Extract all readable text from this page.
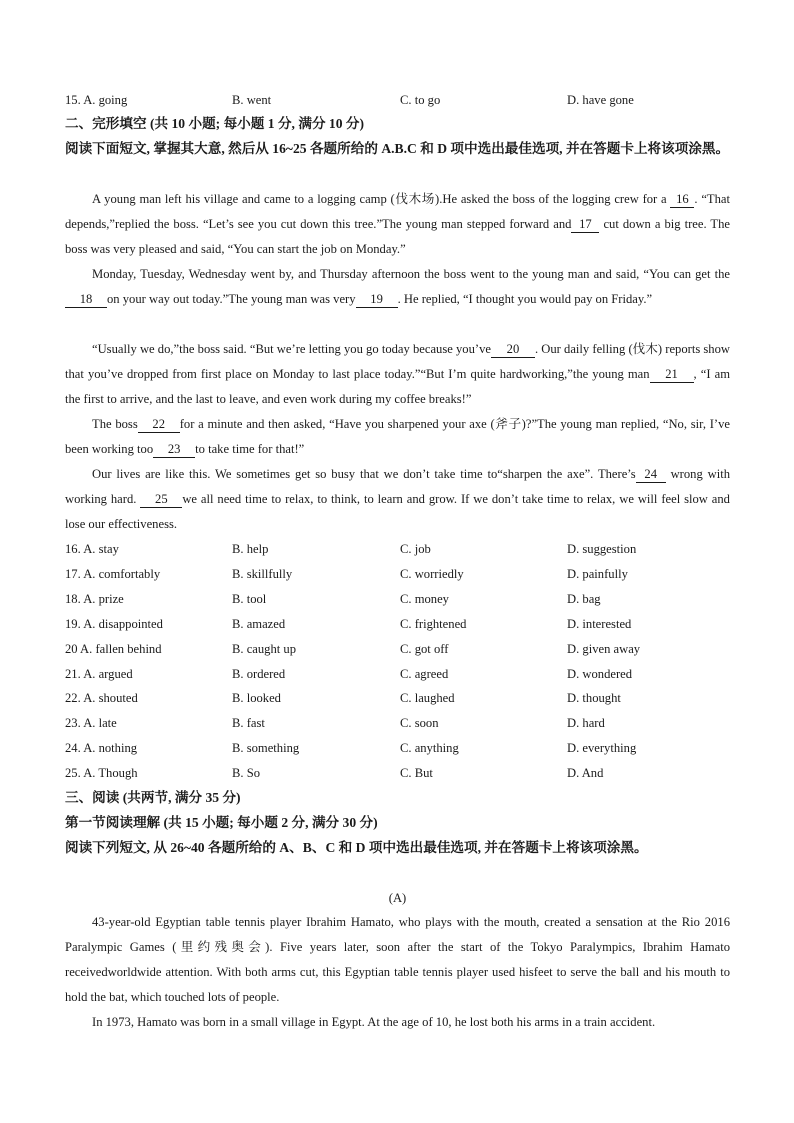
15. A. going	B. went	C. to go	D. have gone
二、完形填空 (共 10 小题; 每小题 1 分, 满分 10 分)
阅读下面短文, 掌握其大意, 然后从 16~25 各题所给的 A.B.C 和 D 项中选出最佳选项, 并在答题卡上将该项涂黑。
A young man left his village and came to a logging camp (伐木场).He asked the boss of the logging crew for a 16 . “That depends,”replied the boss. “Let’s see you cut down this tree.”The young man stepped forward and 17 cut down a big tree. The boss was very pleased and said, “You can start the job on Monday.”
Monday, Tuesday, Wednesday went by, and Thursday afternoon the boss went to the young man and said, “You can get the18 on your way out today.”The young man was very 19 . He replied, “I thought you would pay on Friday.”
“Usually we do,”the boss said. “But we’re letting you go today because you’ve 20 . Our daily felling (伐木) reports show that you’ve dropped from first place on Monday to last place today.”“But I’m quite hardworking,”the young man 21 , “I am the first to arrive, and the last to leave, and even work during my coffee breaks!”
The boss 22 for a minute and then asked, “Have you sharpened your axe (斧子)?”The young man replied, “No, sir, I’ve been working too 23 to take time for that!”
Our lives are like this. We sometimes get so busy that we don’t take time to“sharpen the axe”. There’s 24 wrong with working hard. 25 we all need time to relax, to think, to learn and grow. If we don’t take time to relax, we will feel slow and lose our effectiveness.
16. A. stay	B. help	C. job	D. suggestion
17. A. comfortably	B. skillfully	C. worriedly	D. painfully
18. A. prize	B. tool	C. money	D. bag
19. A. disappointed	B. amazed	C. frightened	D. interested
20 A. fallen behind	B. caught up	C. got off	D. given away
21. A. argued	B. ordered	C. agreed	D. wondered
22. A. shouted	B. looked	C. laughed	D. thought
23. A. late	B. fast	C. soon	D. hard
24. A. nothing	B. something	C. anything	D. everything
25. A. Though	B. So	C. But	D. And
三、阅读 (共两节, 满分 35 分)
第一节阅读理解 (共 15 小题; 每小题 2 分, 满分 30 分)
阅读下列短文, 从 26~40 各题所给的 A、B、C 和 D 项中选出最佳选项, 并在答题卡上将该项涂黑。
(A)
43-year-old Egyptian table tennis player Ibrahim Hamato, who plays with the mouth, created a sensation at the Rio 2016 Paralympic Games (里约残奥会). Five years later, soon after the start of the Tokyo Paralympics, Ibrahim Hamato receivedworldwide attention. With both arms cut, this Egyptian table tennis player used hisfeet to serve the ball and his mouth to hold the bat, which touched lots of people.
In 1973, Hamato was born in a small village in Egypt. At the age of 10, he lost both his arms in a train accident.
